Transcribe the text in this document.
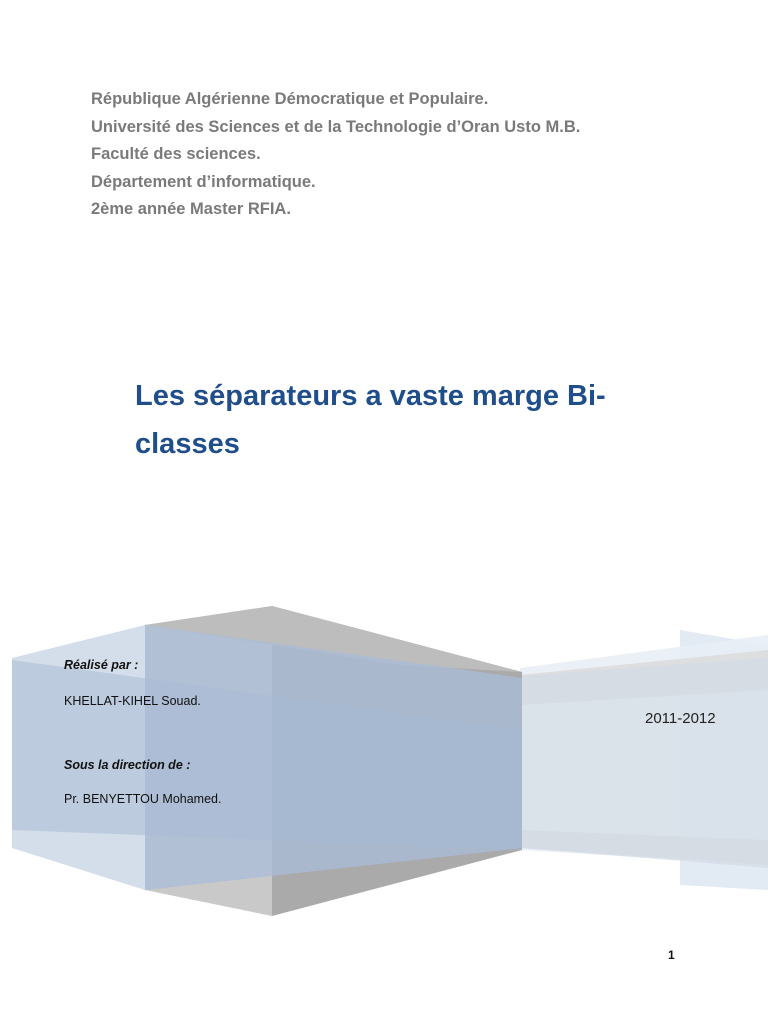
République Algérienne Démocratique et Populaire.
Université des Sciences et de la Technologie d’Oran Usto M.B.
Faculté des sciences.
Département d’informatique.
2ème année Master RFIA.
Les séparateurs a vaste marge Bi-
classes
Réalisé par :
KHELLAT-KIHEL Souad.
Sous la direction de :
Pr. BENYETTOU Mohamed.
2011-2012
1
